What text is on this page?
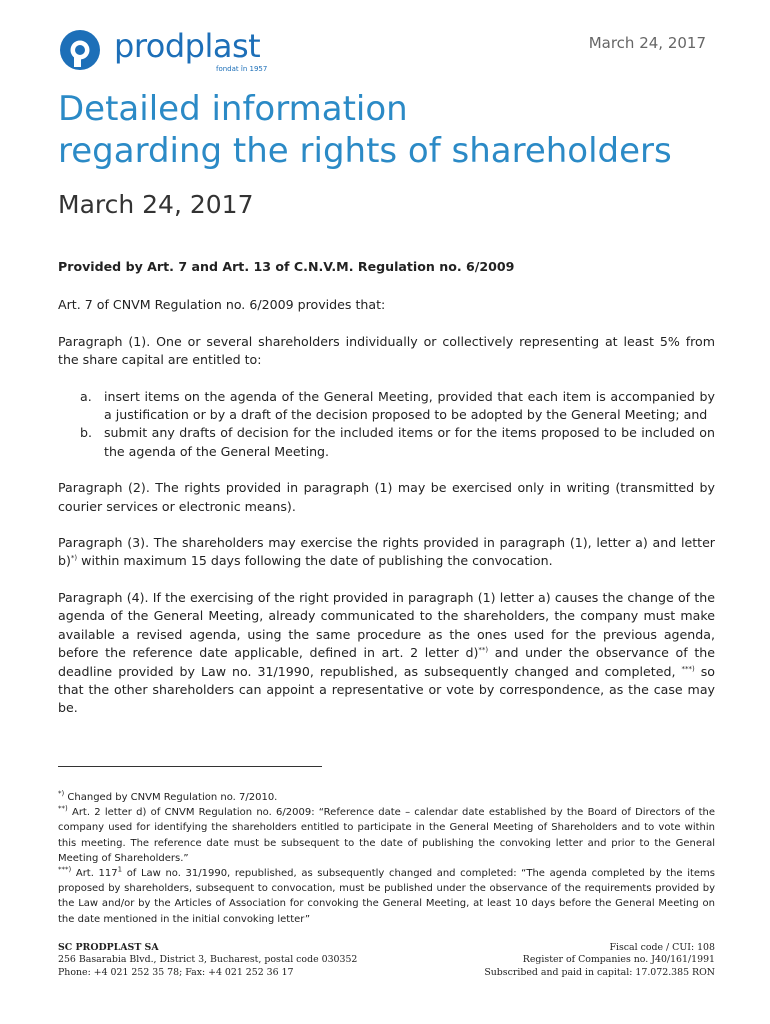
prodplast
fondat în 1957
March 24, 2017
Detailed information
regarding the rights of shareholders
March 24, 2017

Provided by Art. 7 and Art. 13 of C.N.V.M. Regulation no. 6/2009

Art. 7 of CNVM Regulation no. 6/2009 provides that:

Paragraph (1). One or several shareholders individually or collectively representing at least 5% from the share capital are entitled to:

a. insert items on the agenda of the General Meeting, provided that each item is accompanied by a justification or by a draft of the decision proposed to be adopted by the General Meeting; and
b. submit any drafts of decision for the included items or for the items proposed to be included on the agenda of the General Meeting.

Paragraph (2). The rights provided in paragraph (1) may be exercised only in writing (transmitted by courier services or electronic means).

Paragraph (3). The shareholders may exercise the rights provided in paragraph (1), letter a) and letter b)*) within maximum 15 days following the date of publishing the convocation.

Paragraph (4). If the exercising of the right provided in paragraph (1) letter a) causes the change of the agenda of the General Meeting, already communicated to the shareholders, the company must make available a revised agenda, using the same procedure as the ones used for the previous agenda, before the reference date applicable, defined in art. 2 letter d)**) and under the observance of the deadline provided by Law no. 31/1990, republished, as subsequently changed and completed, ***) so that the other shareholders can appoint a representative or vote by correspondence, as the case may be.

*) Changed by CNVM Regulation no. 7/2010.

**) Art. 2 letter d) of CNVM Regulation no. 6/2009: “Reference date – calendar date established by the Board of Directors of the company used for identifying the shareholders entitled to participate in the General Meeting of Shareholders and to vote within this meeting. The reference date must be subsequent to the date of publishing the convoking letter and prior to the General Meeting of Shareholders.”

***) Art. $117^1$ of Law no. 31/1990, republished, as subsequently changed and completed: “The agenda completed by the items proposed by shareholders, subsequent to convocation, must be published under the observance of the requirements provided by the Law and/or by the Articles of Association for convoking the General Meeting, at least 10 days before the General Meeting on the date mentioned in the initial convoking letter”

SC PRODPLAST SA
256 Basarabia Blvd., District 3, Bucharest, postal code 030352
Phone: +4 021 252 35 78; Fax: +4 021 252 36 17
Fiscal code / CUI: 108
Register of Companies no. J40/161/1991
Subscribed and paid in capital: 17.072.385 RON
